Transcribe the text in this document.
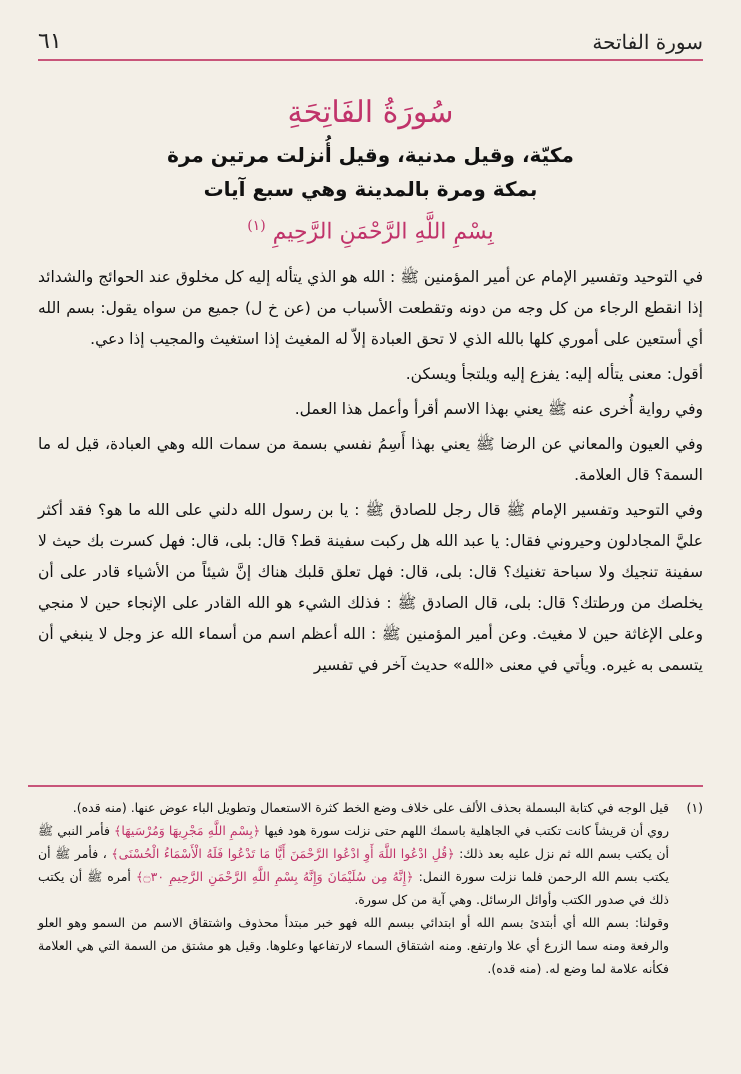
٦١	سورة الفاتحة
سُورَةُ الفَاتِحَةِ
مكيّة، وقيل مدنية، وقيل أُنزلت مرتين مرة
بمكة ومرة بالمدينة وهي سبع آيات
بِسْمِ اللَّهِ الرَّحْمَنِ الرَّحِيمِ $^{(١)}$

في التوحيد وتفسير الإمام عن أمير المؤمنين ﷺ : الله هو الذي يتأله إليه كل مخلوق عند الحوائج والشدائد إذا انقطع الرجاء من كل وجه من دونه وتقطعت الأسباب من (عن خ ل) جميع من سواه يقول: بسم الله أي أستعين على أموري كلها بالله الذي لا تحق العبادة إلاّ له المغيث إذا استغيث والمجيب إذا دعي.

أقول: معنى يتأله إليه: يفزع إليه ويلتجأ ويسكن.

وفي رواية أُخرى عنه ﷺ يعني بهذا الاسم أقرأ وأعمل هذا العمل.

وفي العيون والمعاني عن الرضا ﷺ يعني بهذا أَسِمُ نفسي بسمة من سمات الله وهي العبادة، قيل له ما السمة؟ قال العلامة.

وفي التوحيد وتفسير الإمام ﷺ قال رجل للصادق ﷺ : يا بن رسول الله دلني على الله ما هو؟ فقد أكثر عليَّ المجادلون وحيروني فقال: يا عبد الله هل ركبت سفينة قط؟ قال: بلى، قال: فهل كسرت بك حيث لا سفينة تنجيك ولا سباحة تغنيك؟ قال: بلى، قال: فهل تعلق قلبك هناك إنَّ شيئاً من الأشياء قادر على أن يخلصك من ورطتك؟ قال: بلى، قال الصادق ﷺ : فذلك الشيء هو الله القادر على الإنجاء حين لا منجي وعلى الإغاثة حين لا مغيث. وعن أمير المؤمنين ﷺ : الله أعظم اسم من أسماء الله عز وجل لا ينبغي أن يتسمى به غيره. ويأتي في معنى «الله» حديث آخر في تفسير

(١)قيل الوجه في كتابة البسملة بحذف الألف على خلاف وضع الخط كثرة الاستعمال وتطويل الباء عوض عنها. (منه قده).

روي أن قريشاً كانت تكتب في الجاهلية باسمك اللهم حتى نزلت سورة هود فيها ﴿بِسْمِ اللَّهِ مَجْرِيهَا وَمُرْسَيهَا﴾ فأمر النبي ﷺ أن يكتب بسم الله ثم نزل عليه بعد ذلك: ﴿قُلِ ادْعُوا اللَّهَ أَوِ ادْعُوا الرَّحْمَنَ أَيًّا مَا تَدْعُوا فَلَهُ الْأَسْمَاءُ الْحُسْنَى﴾ ، فأمر ﷺ أن يكتب بسم الله الرحمن فلما نزلت سورة النمل: ﴿إِنَّهُ مِن سُلَيْمَانَ وَإِنَّهُ بِسْمِ اللَّهِ الرَّحْمَنِ الرَّحِيمِ ۝٣٠﴾ أمره ﷺ أن يكتب ذلك في صدور الكتب وأوائل الرسائل. وهي آية من كل سورة.

وقولنا: بسم الله أي أبتدئ بسم الله أو ابتدائي ببسم الله فهو خبر مبتدأ محذوف واشتقاق الاسم من السمو وهو العلو والرفعة ومنه سما الزرع أي علا وارتفع. ومنه اشتقاق السماء لارتفاعها وعلوها. وقيل هو مشتق من السمة التي هي العلامة فكأنه علامة لما وضع له. (منه قده).
